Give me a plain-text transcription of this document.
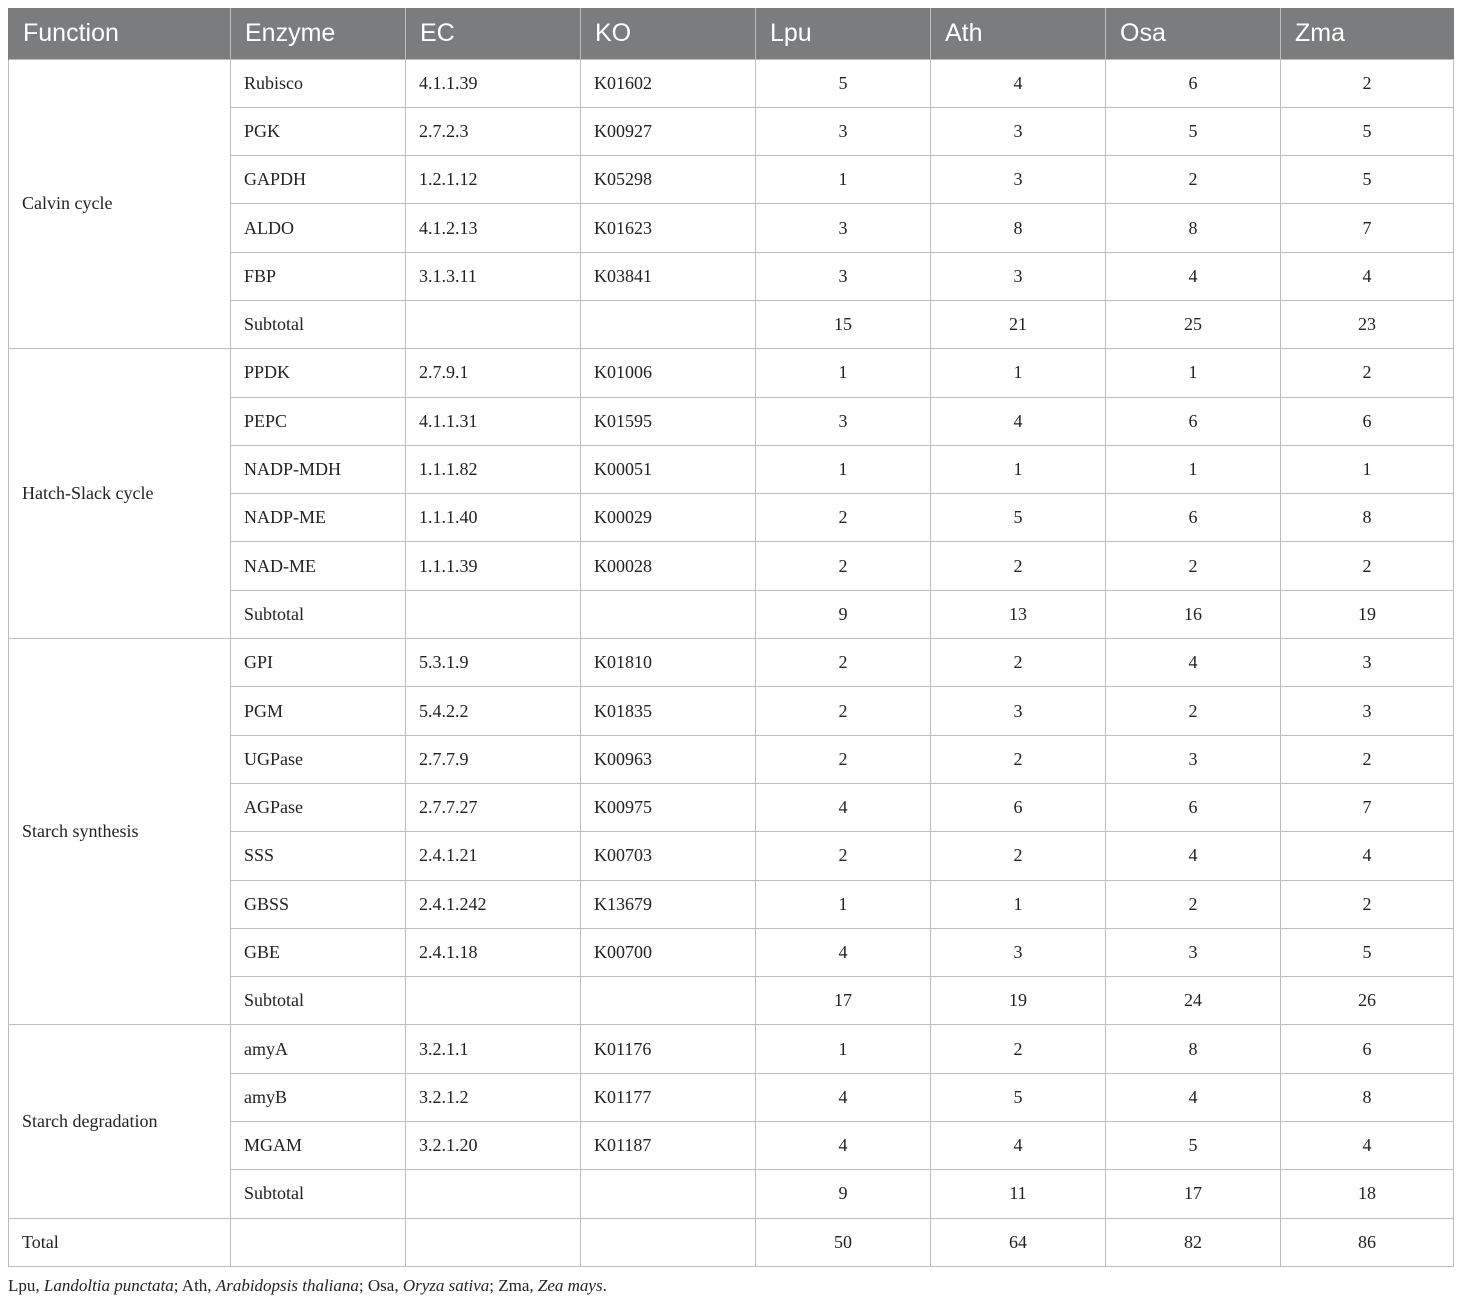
Function	Enzyme	EC	KO	Lpu	Ath	Osa	Zma
Calvin cycle	Rubisco	4.1.1.39	K01602	5	4	6	2
	PGK	2.7.2.3	K00927	3	3	5	5
	GAPDH	1.2.1.12	K05298	1	3	2	5
	ALDO	4.1.2.13	K01623	3	8	8	7
	FBP	3.1.3.11	K03841	3	3	4	4
	Subtotal			15	21	25	23
Hatch-Slack cycle	PPDK	2.7.9.1	K01006	1	1	1	2
	PEPC	4.1.1.31	K01595	3	4	6	6
	NADP-MDH	1.1.1.82	K00051	1	1	1	1
	NADP-ME	1.1.1.40	K00029	2	5	6	8
	NAD-ME	1.1.1.39	K00028	2	2	2	2
	Subtotal			9	13	16	19
Starch synthesis	GPI	5.3.1.9	K01810	2	2	4	3
	PGM	5.4.2.2	K01835	2	3	2	3
	UGPase	2.7.7.9	K00963	2	2	3	2
	AGPase	2.7.7.27	K00975	4	6	6	7
	SSS	2.4.1.21	K00703	2	2	4	4
	GBSS	2.4.1.242	K13679	1	1	2	2
	GBE	2.4.1.18	K00700	4	3	3	5
	Subtotal			17	19	24	26
Starch degradation	amyA	3.2.1.1	K01176	1	2	8	6
	amyB	3.2.1.2	K01177	4	5	4	8
	MGAM	3.2.1.20	K01187	4	4	5	4
	Subtotal			9	11	17	18
Total				50	64	82	86
Lpu, Landoltia punctata; Ath, Arabidopsis thaliana; Osa, Oryza sativa; Zma, Zea mays.
